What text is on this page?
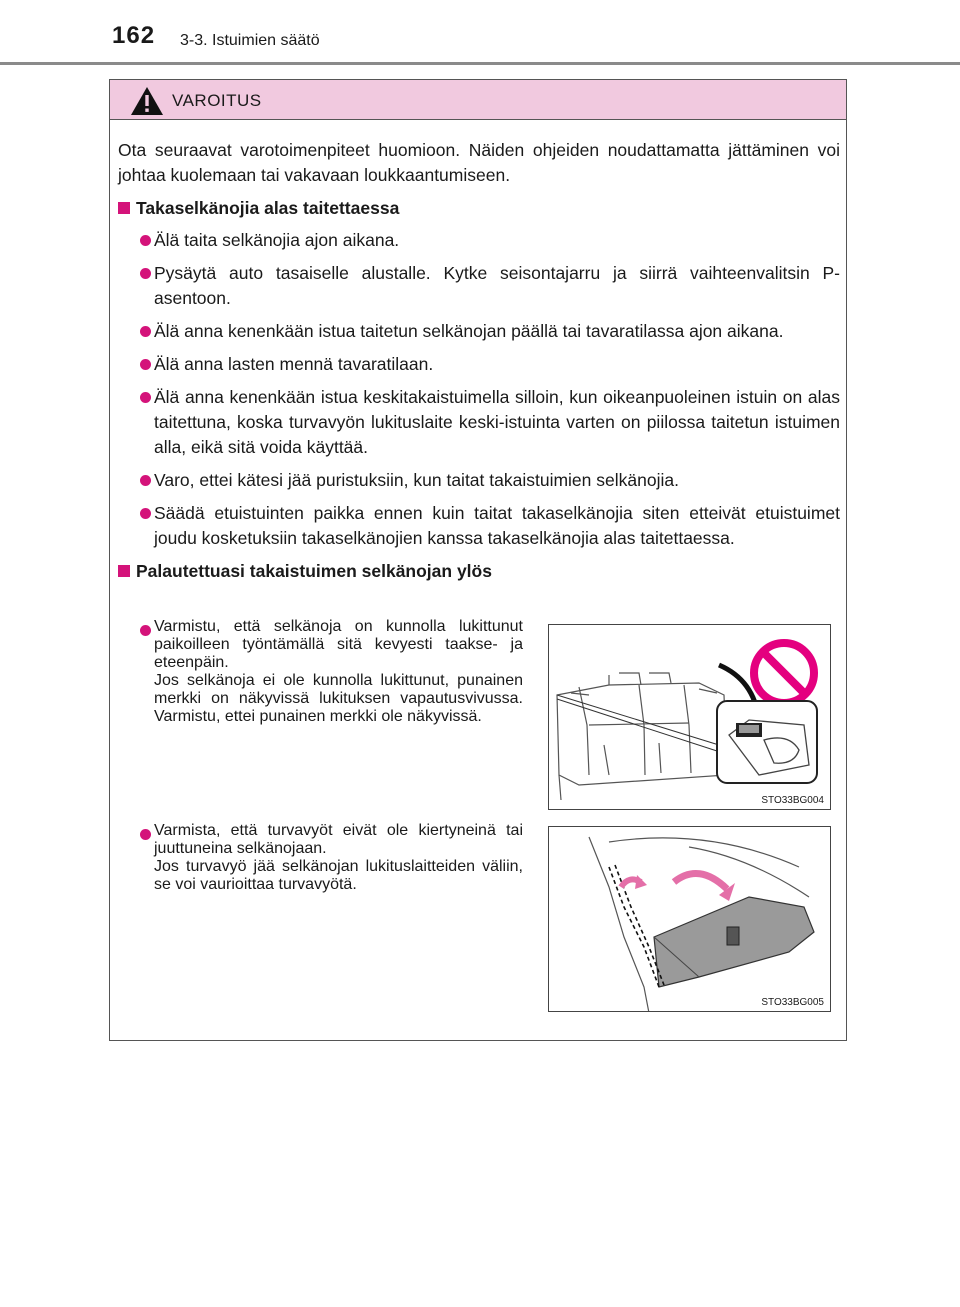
162 3-3. Istuimien säätö
VAROITUS

Ota seuraavat varotoimenpiteet huomioon. Näiden ohjeiden noudattamatta jättäminen voi johtaa kuolemaan tai vakavaan loukkaantumiseen.

Takaselkänojia alas taitettaessa
Älä taita selkänojia ajon aikana.
Pysäytä auto tasaiselle alustalle. Kytke seisontajarru ja siirrä vaihteenvalitsin P-asentoon.
Älä anna kenenkään istua taitetun selkänojan päällä tai tavaratilassa ajon aikana.
Älä anna lasten mennä tavaratilaan.
Älä anna kenenkään istua keskitakaistuimella silloin, kun oikeanpuoleinen istuin on alas taitettuna, koska turvavyön lukituslaite keski-istuinta varten on piilossa taitetun istuimen alla, eikä sitä voida käyttää.
Varo, ettei kätesi jää puristuksiin, kun taitat takaistuimien selkänojia.
Säädä etuistuinten paikka ennen kuin taitat takaselkänojia siten etteivät etuistuimet joudu kosketuksiin takaselkänojien kanssa takaselkänojia alas taitettaessa.
Palautettuasi takaistuimen selkänojan ylös
Varmistu, että selkänoja on kunnolla lukittunut paikoilleen työntämällä sitä kevyesti taakse- ja eteenpäin.
Jos selkänoja ei ole kunnolla lukittunut, punainen merkki on näkyvissä lukituksen vapautusvivussa. Varmistu, ettei punainen merkki ole näkyvissä.
STO33BG004
Varmista, että turvavyöt eivät ole kiertyneinä tai juuttuneina selkänojaan.
Jos turvavyö jää selkänojan lukituslaitteiden väliin, se voi vaurioittaa turvavyötä.
STO33BG005
